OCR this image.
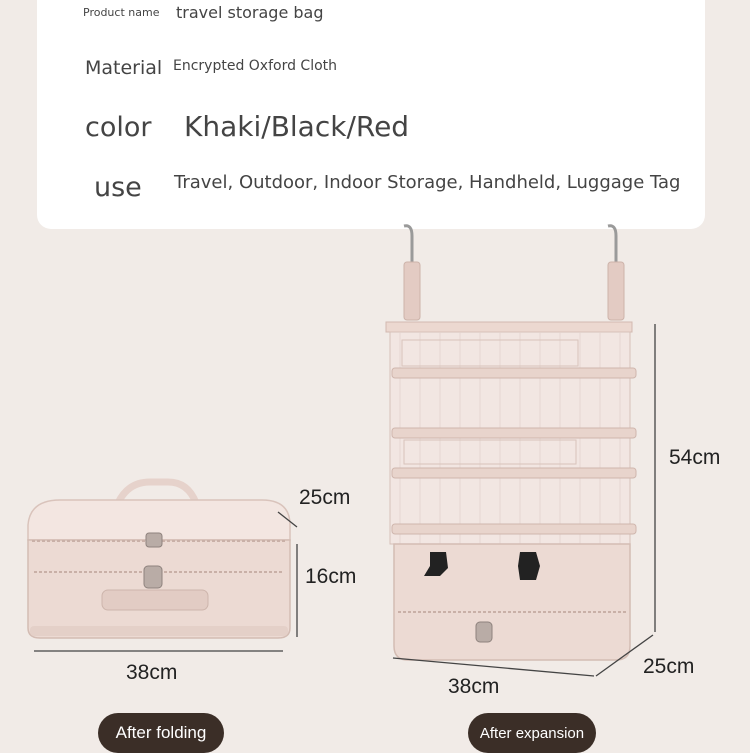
Product name travel storage bag
Material Encrypted Oxford Cloth
color Khaki/Black/Red
use Travel, Outdoor, Indoor Storage, Handheld, Luggage Tag
25cm
16cm
38cm
54cm
25cm
38cm
After folding	After expansion
